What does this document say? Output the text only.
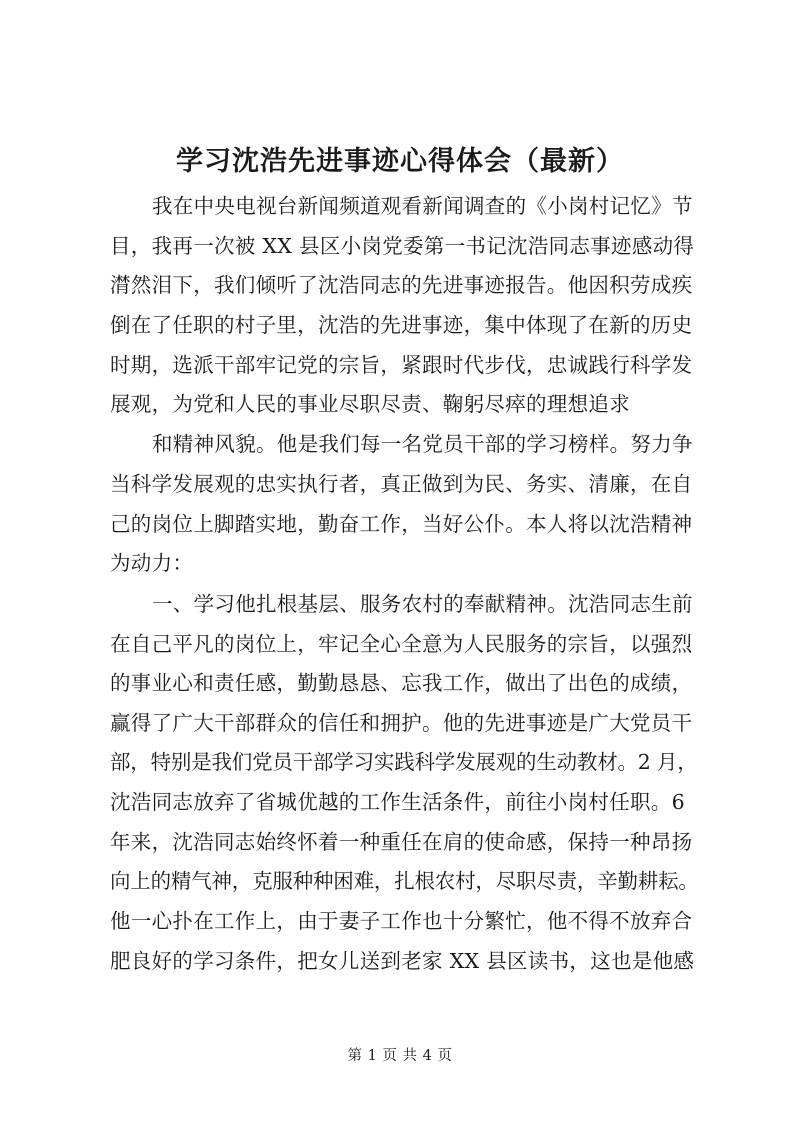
学习沈浩先进事迹心得体会（最新）
我在中央电视台新闻频道观看新闻调查的《小岗村记忆》节
目，我再一次被 XX 县区小岗党委第一书记沈浩同志事迹感动得
潸然泪下，我们倾听了沈浩同志的先进事迹报告。他因积劳成疾
倒在了任职的村子里，沈浩的先进事迹，集中体现了在新的历史
时期，选派干部牢记党的宗旨，紧跟时代步伐，忠诚践行科学发
展观，为党和人民的事业尽职尽责、鞠躬尽瘁的理想追求
和精神风貌。他是我们每一名党员干部的学习榜样。努力争
当科学发展观的忠实执行者，真正做到为民、务实、清廉，在自
己的岗位上脚踏实地，勤奋工作，当好公仆。本人将以沈浩精神
为动力：
一、学习他扎根基层、服务农村的奉献精神。沈浩同志生前
在自己平凡的岗位上，牢记全心全意为人民服务的宗旨，以强烈
的事业心和责任感，勤勤恳恳、忘我工作，做出了出色的成绩，
赢得了广大干部群众的信任和拥护。他的先进事迹是广大党员干
部，特别是我们党员干部学习实践科学发展观的生动教材。2 月，
沈浩同志放弃了省城优越的工作生活条件，前往小岗村任职。6
年来，沈浩同志始终怀着一种重任在肩的使命感，保持一种昂扬
向上的精气神，克服种种困难，扎根农村，尽职尽责，辛勤耕耘。
他一心扑在工作上，由于妻子工作也十分繁忙，他不得不放弃合
肥良好的学习条件，把女儿送到老家 XX 县区读书，这也是他感
第 1 页 共 4 页
